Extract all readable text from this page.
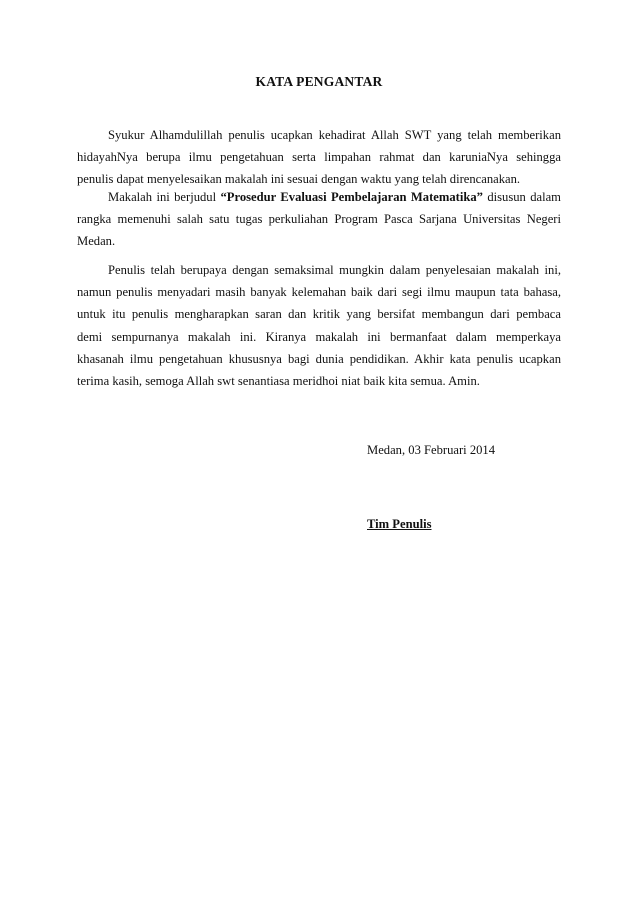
KATA PENGANTAR

Syukur Alhamdulillah penulis ucapkan kehadirat Allah SWT yang telah memberikan
hidayahNya berupa ilmu pengetahuan serta limpahan rahmat dan karuniaNya sehingga
penulis dapat menyelesaikan makalah ini sesuai dengan waktu yang telah direncanakan.

Makalah ini berjudul “Prosedur Evaluasi Pembelajaran Matematika” disusun dalam
rangka memenuhi salah satu tugas perkuliahan Program Pasca Sarjana Universitas Negeri
Medan.

Penulis telah berupaya dengan semaksimal mungkin dalam penyelesaian makalah ini,
namun penulis menyadari masih banyak kelemahan baik dari segi ilmu maupun tata bahasa,
untuk itu penulis mengharapkan saran dan kritik yang bersifat membangun dari pembaca
demi sempurnanya makalah ini. Kiranya makalah ini bermanfaat dalam memperkaya
khasanah ilmu pengetahuan khususnya bagi dunia pendidikan. Akhir kata penulis ucapkan
terima kasih, semoga Allah swt senantiasa meridhoi niat baik kita semua. Amin.

Medan, 03 Februari 2014
Tim Penulis
